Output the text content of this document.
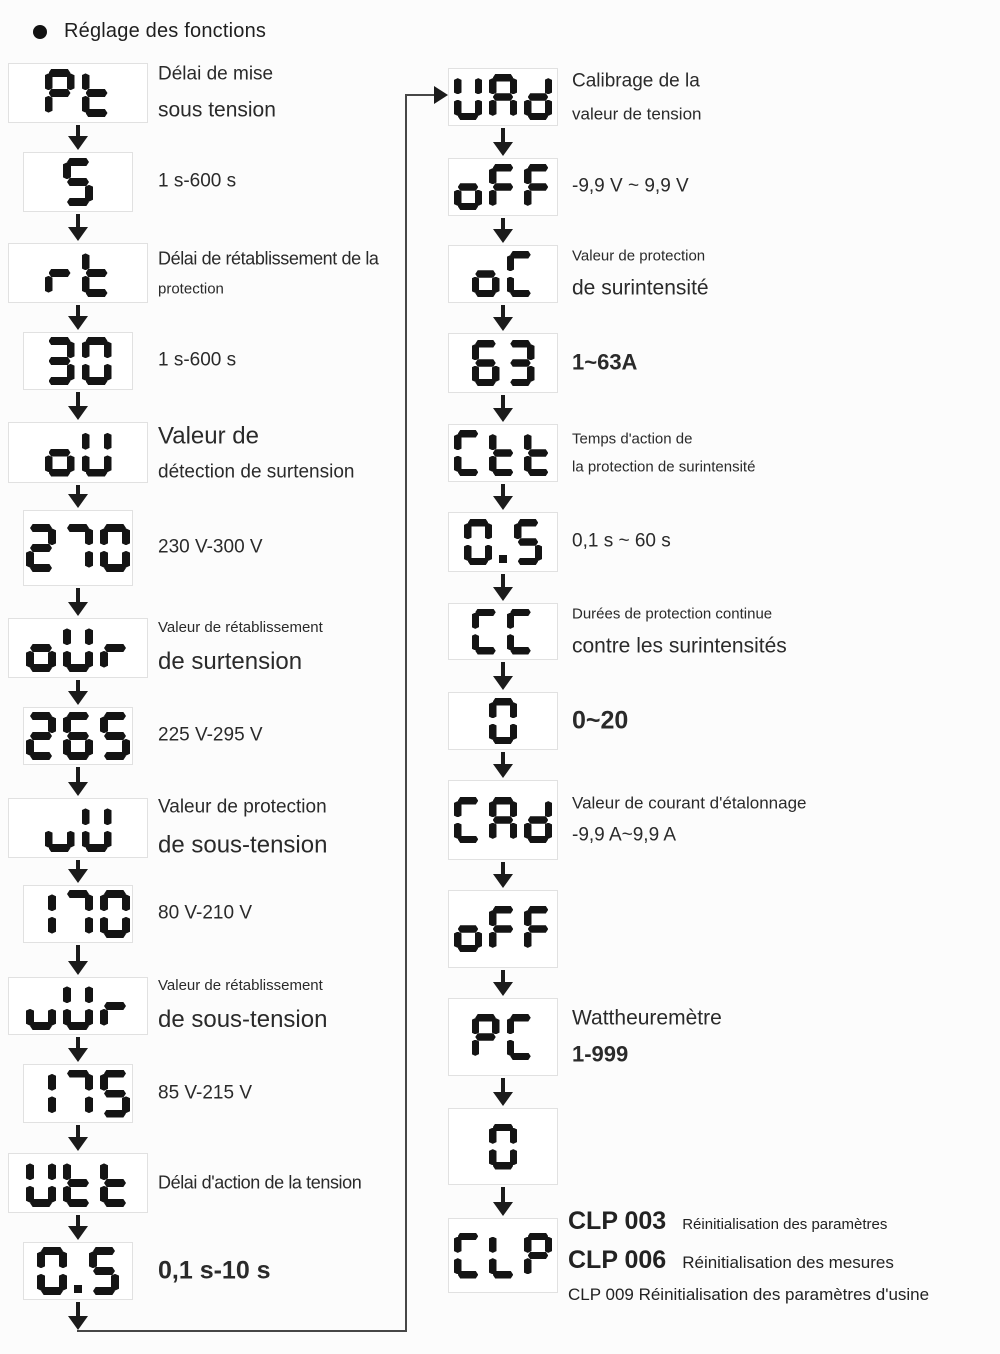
Réglage des fonctions
Délai de mise
sous tension
1 s-600 s
Délai de rétablissement de la
protection
1 s-600 s
Valeur de
détection de surtension
230 V-300 V
Valeur de rétablissement
de surtension
225 V-295 V
Valeur de protection
de sous-tension
80 V-210 V
Valeur de rétablissement
de sous-tension
85 V-215 V
Délai d'action de la tension
0,1 s-10 s
Calibrage de la
valeur de tension
-9,9 V ~ 9,9 V
Valeur de protection
de surintensité
1~63A
Temps d'action de
la protection de surintensité
0,1 s ~ 60 s
Durées de protection continue
contre les surintensités
0~20
Valeur de courant d'étalonnage
-9,9 A~9,9 A
Wattheuremètre
1-999
CLP 003 Réinitialisation des paramètres
CLP 006 Réinitialisation des mesures
CLP 009 Réinitialisation des paramètres d'usine
